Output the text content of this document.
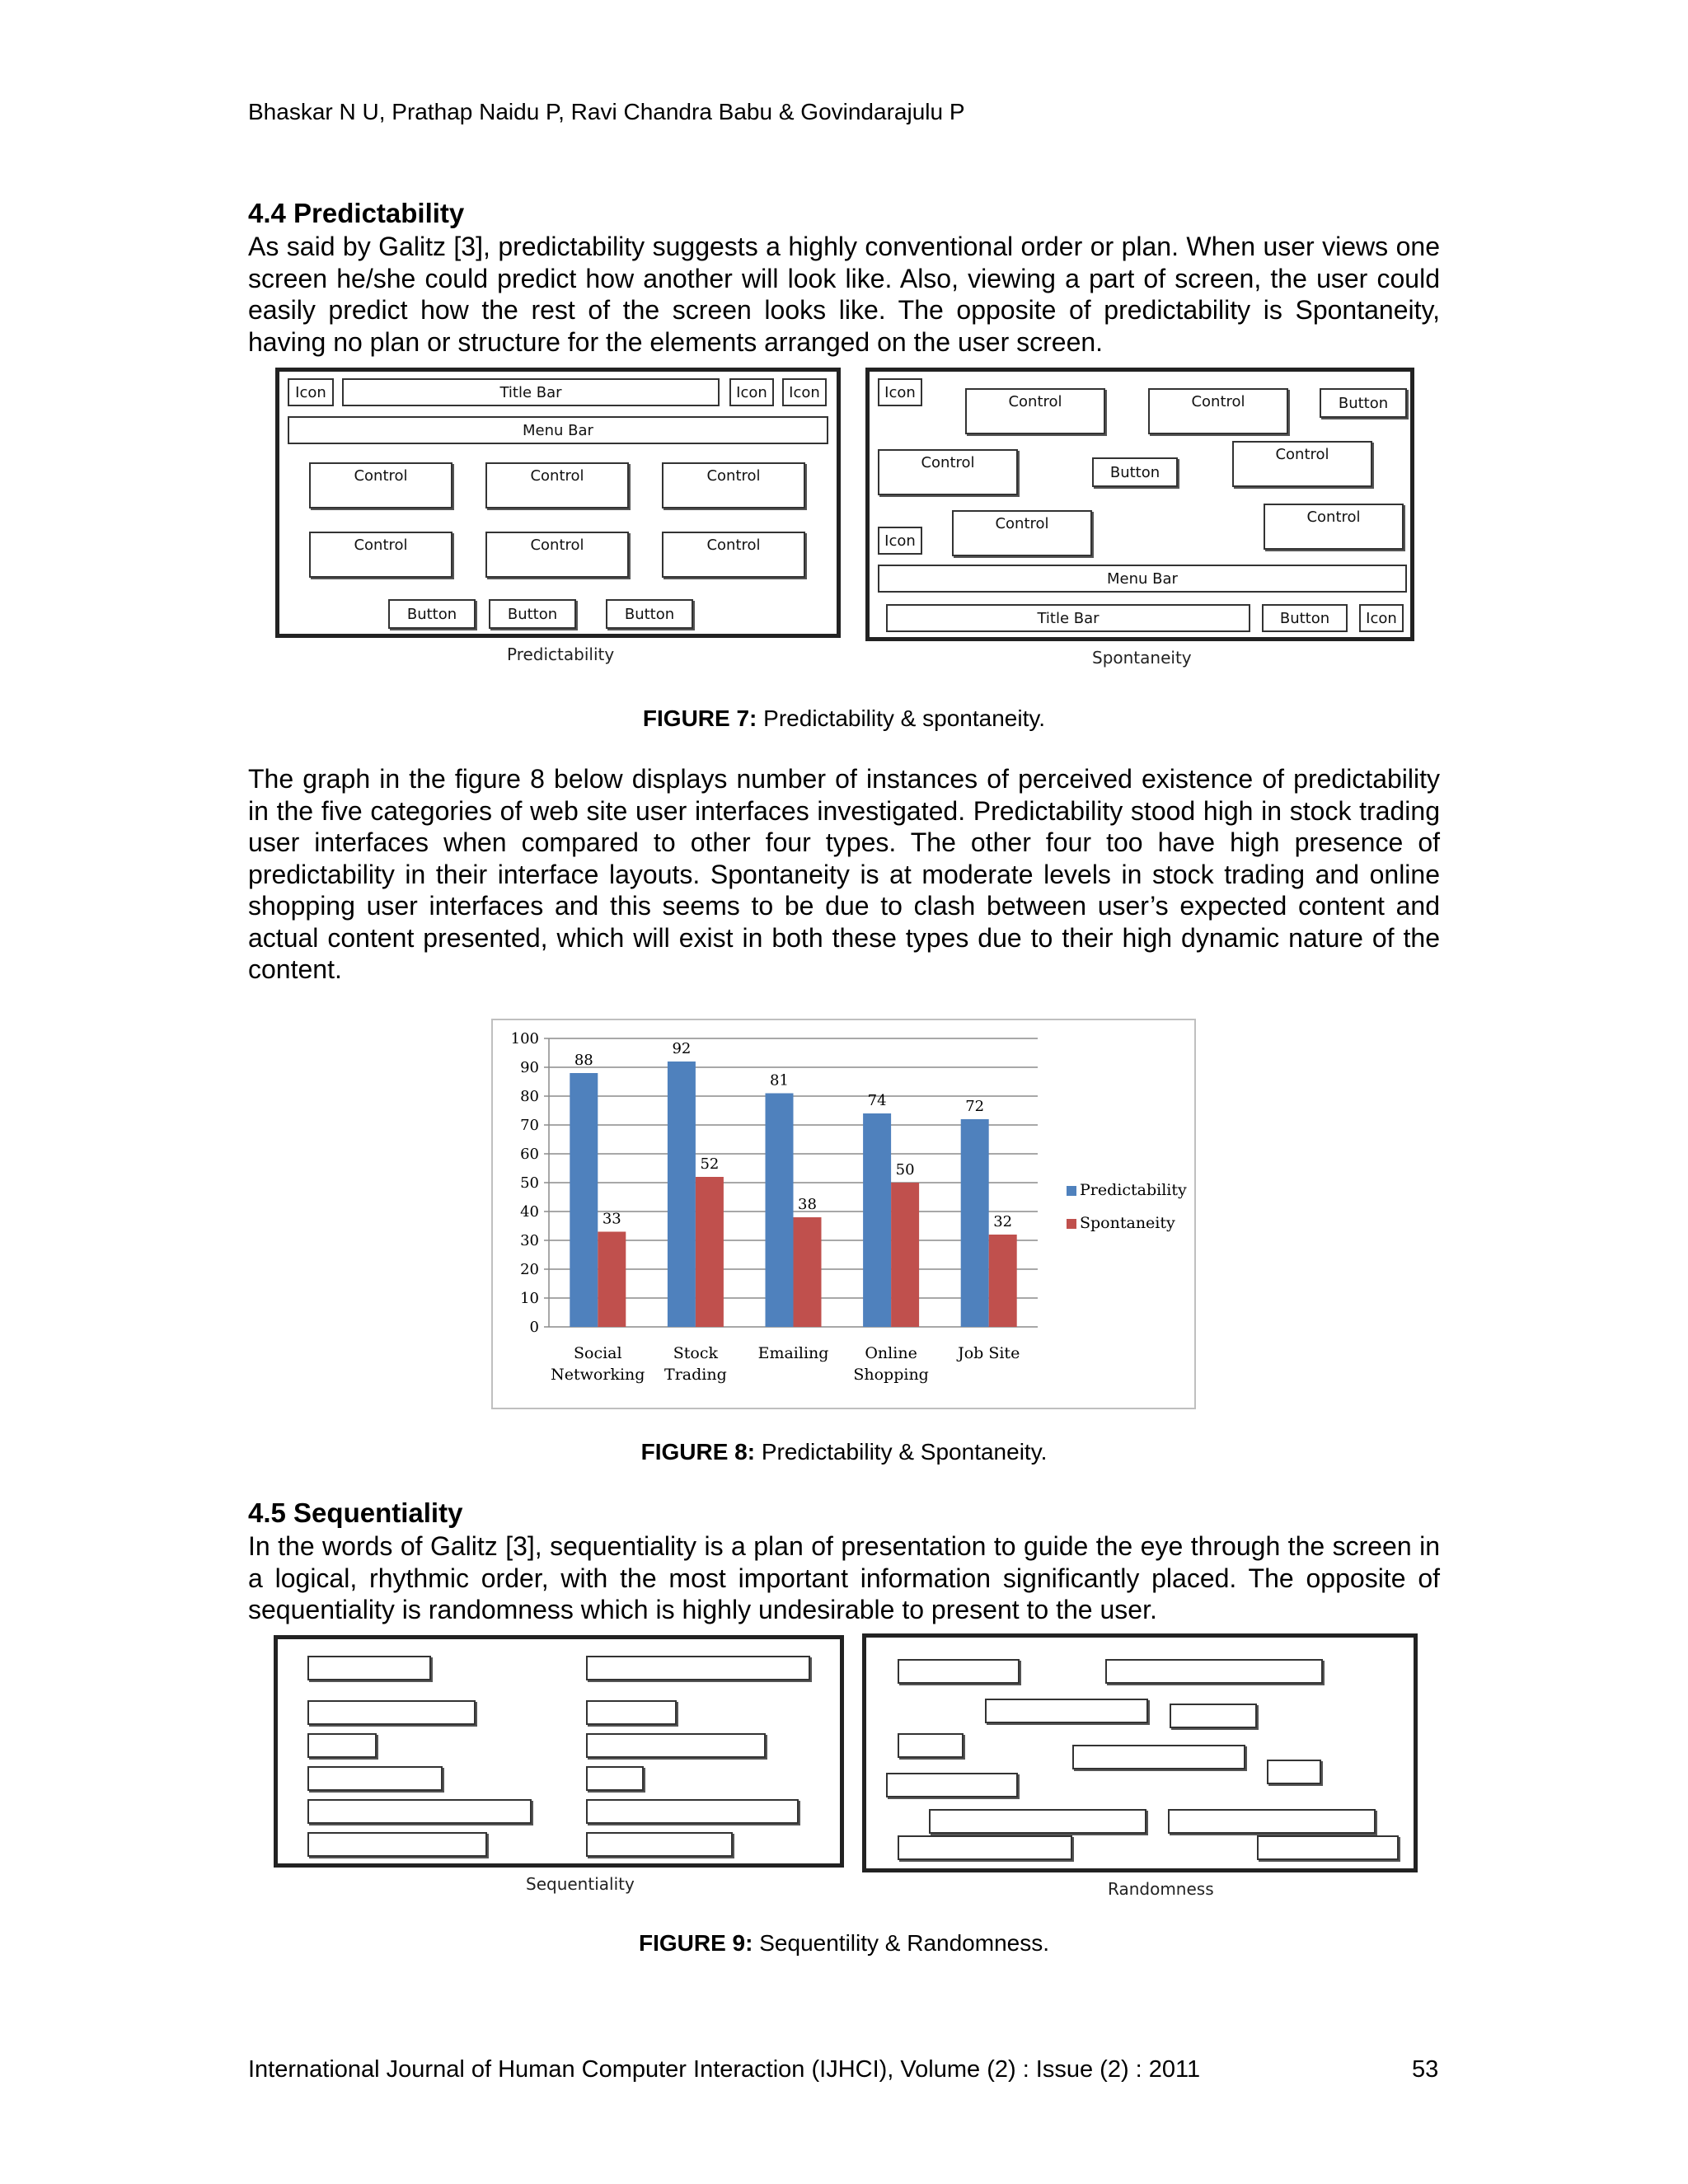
Bhaskar N U, Prathap Naidu P, Ravi Chandra Babu & Govindarajulu P
4.4 Predictability

As said by Galitz [3], predictability suggests a highly conventional order or plan. When user views one screen he/she could predict how another will look like. Also, viewing a part of screen, the user could easily predict how the rest of the screen looks like. The opposite of predictability is Spontaneity, having no plan or structure for the elements arranged on the user screen.

Icon	Title Bar	Icon	Icon
Menu Bar
Control	Control	Control
Control	Control	Control
Button	Button	Button
Predictability
Icon
Control	Control	Button
Control
Button
Control
Icon
Control	Control
Menu Bar
Title Bar	Button	Icon
Spontaneity
FIGURE 7: Predictability & spontaneity.

The graph in the figure 8 below displays number of instances of perceived existence of predictability in the five categories of web site user interfaces investigated. Predictability stood high in stock trading user interfaces when compared to other four types. The other four too have high presence of predictability in their interface layouts. Spontaneity is at moderate levels in stock trading and online shopping user interfaces and this seems to be due to clash between user’s expected content and actual content presented, which will exist in both these types due to their high dynamic nature of the content.

0
10
20
30
40
50
60
70
80
90
100
88
33
92
52
81
38
74
50
72
32
Social
Networking
Stock
Trading
Emailing Online
Shopping
Job Site
Predictability
Spontaneity
FIGURE 8: Predictability & Spontaneity.
4.5 Sequentiality

In the words of Galitz [3], sequentiality is a plan of presentation to guide the eye through the screen in a logical, rhythmic order, with the most important information significantly placed. The opposite of sequentiality is randomness which is highly undesirable to present to the user.

Sequentiality	Randomness
FIGURE 9: Sequentility & Randomness.
International Journal of Human Computer Interaction (IJHCI), Volume (2) : Issue (2) : 2011	53
